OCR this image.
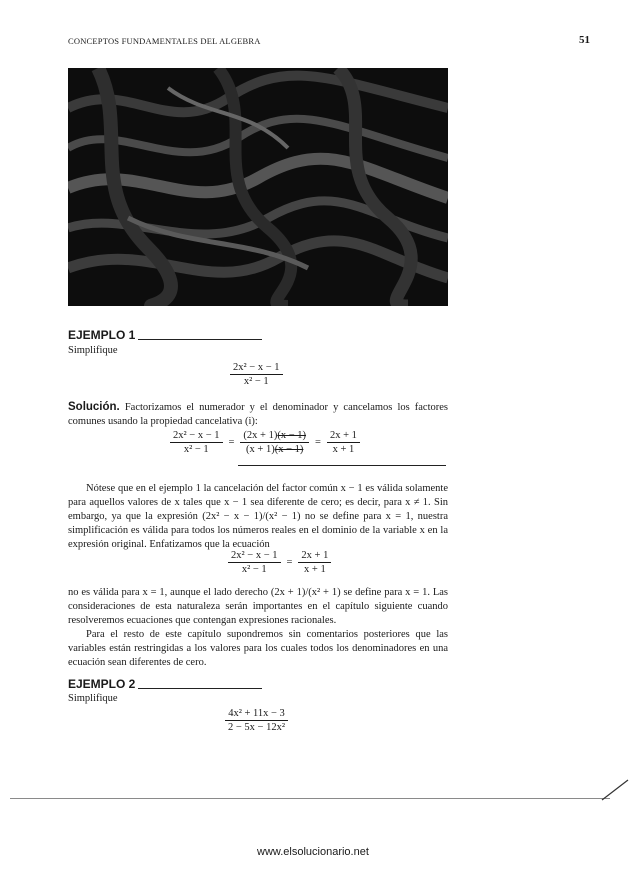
CONCEPTOS FUNDAMENTALES DEL ALGEBRA	51
EJEMPLO 1
Simplifique
$\frac{\text{2x² − x − 1}}{\text{x² − 1}}$
Solución. Factorizamos el numerador y el denominador y cancelamos los factores comunes usando la propiedad cancelativa (i):
$\frac{\text{2x² − x − 1}}{\text{x² − 1}} = \frac{(2x + 1)(x - 1)}{(x + 1)(x - 1)} = \frac{2x + 1}{x + 1}$
Nótese que en el ejemplo 1 la cancelación del factor común x − 1 es válida solamente para aquellos valores de x tales que x − 1 sea diferente de cero; es decir, para x ≠ 1. Sin embargo, ya que la expresión (2x² − x − 1)/(x² − 1) no se define para x = 1, nuestra simplificación es válida para todos los números reales en el dominio de la variable x en la expresión original. Enfatizamos que la ecuación
$\frac{\text{2x² − x − 1}}{\text{x² − 1}} = \frac{2x + 1}{x + 1}$
no es válida para x = 1, aunque el lado derecho (2x + 1)/(x² + 1) se define para x = 1. Las consideraciones de esta naturaleza serán importantes en el capítulo siguiente cuando resolveremos ecuaciones que contengan expresiones racionales.
Para el resto de este capítulo supondremos sin comentarios posteriores que las variables están restringidas a los valores para los cuales todos los denominadores en una ecuación sean diferentes de cero.
EJEMPLO 2
Simplifique
$\frac{\text{4x² + 11x − 3}}{\text{2 − 5x − 12x²}}$
www.elsolucionario.net
